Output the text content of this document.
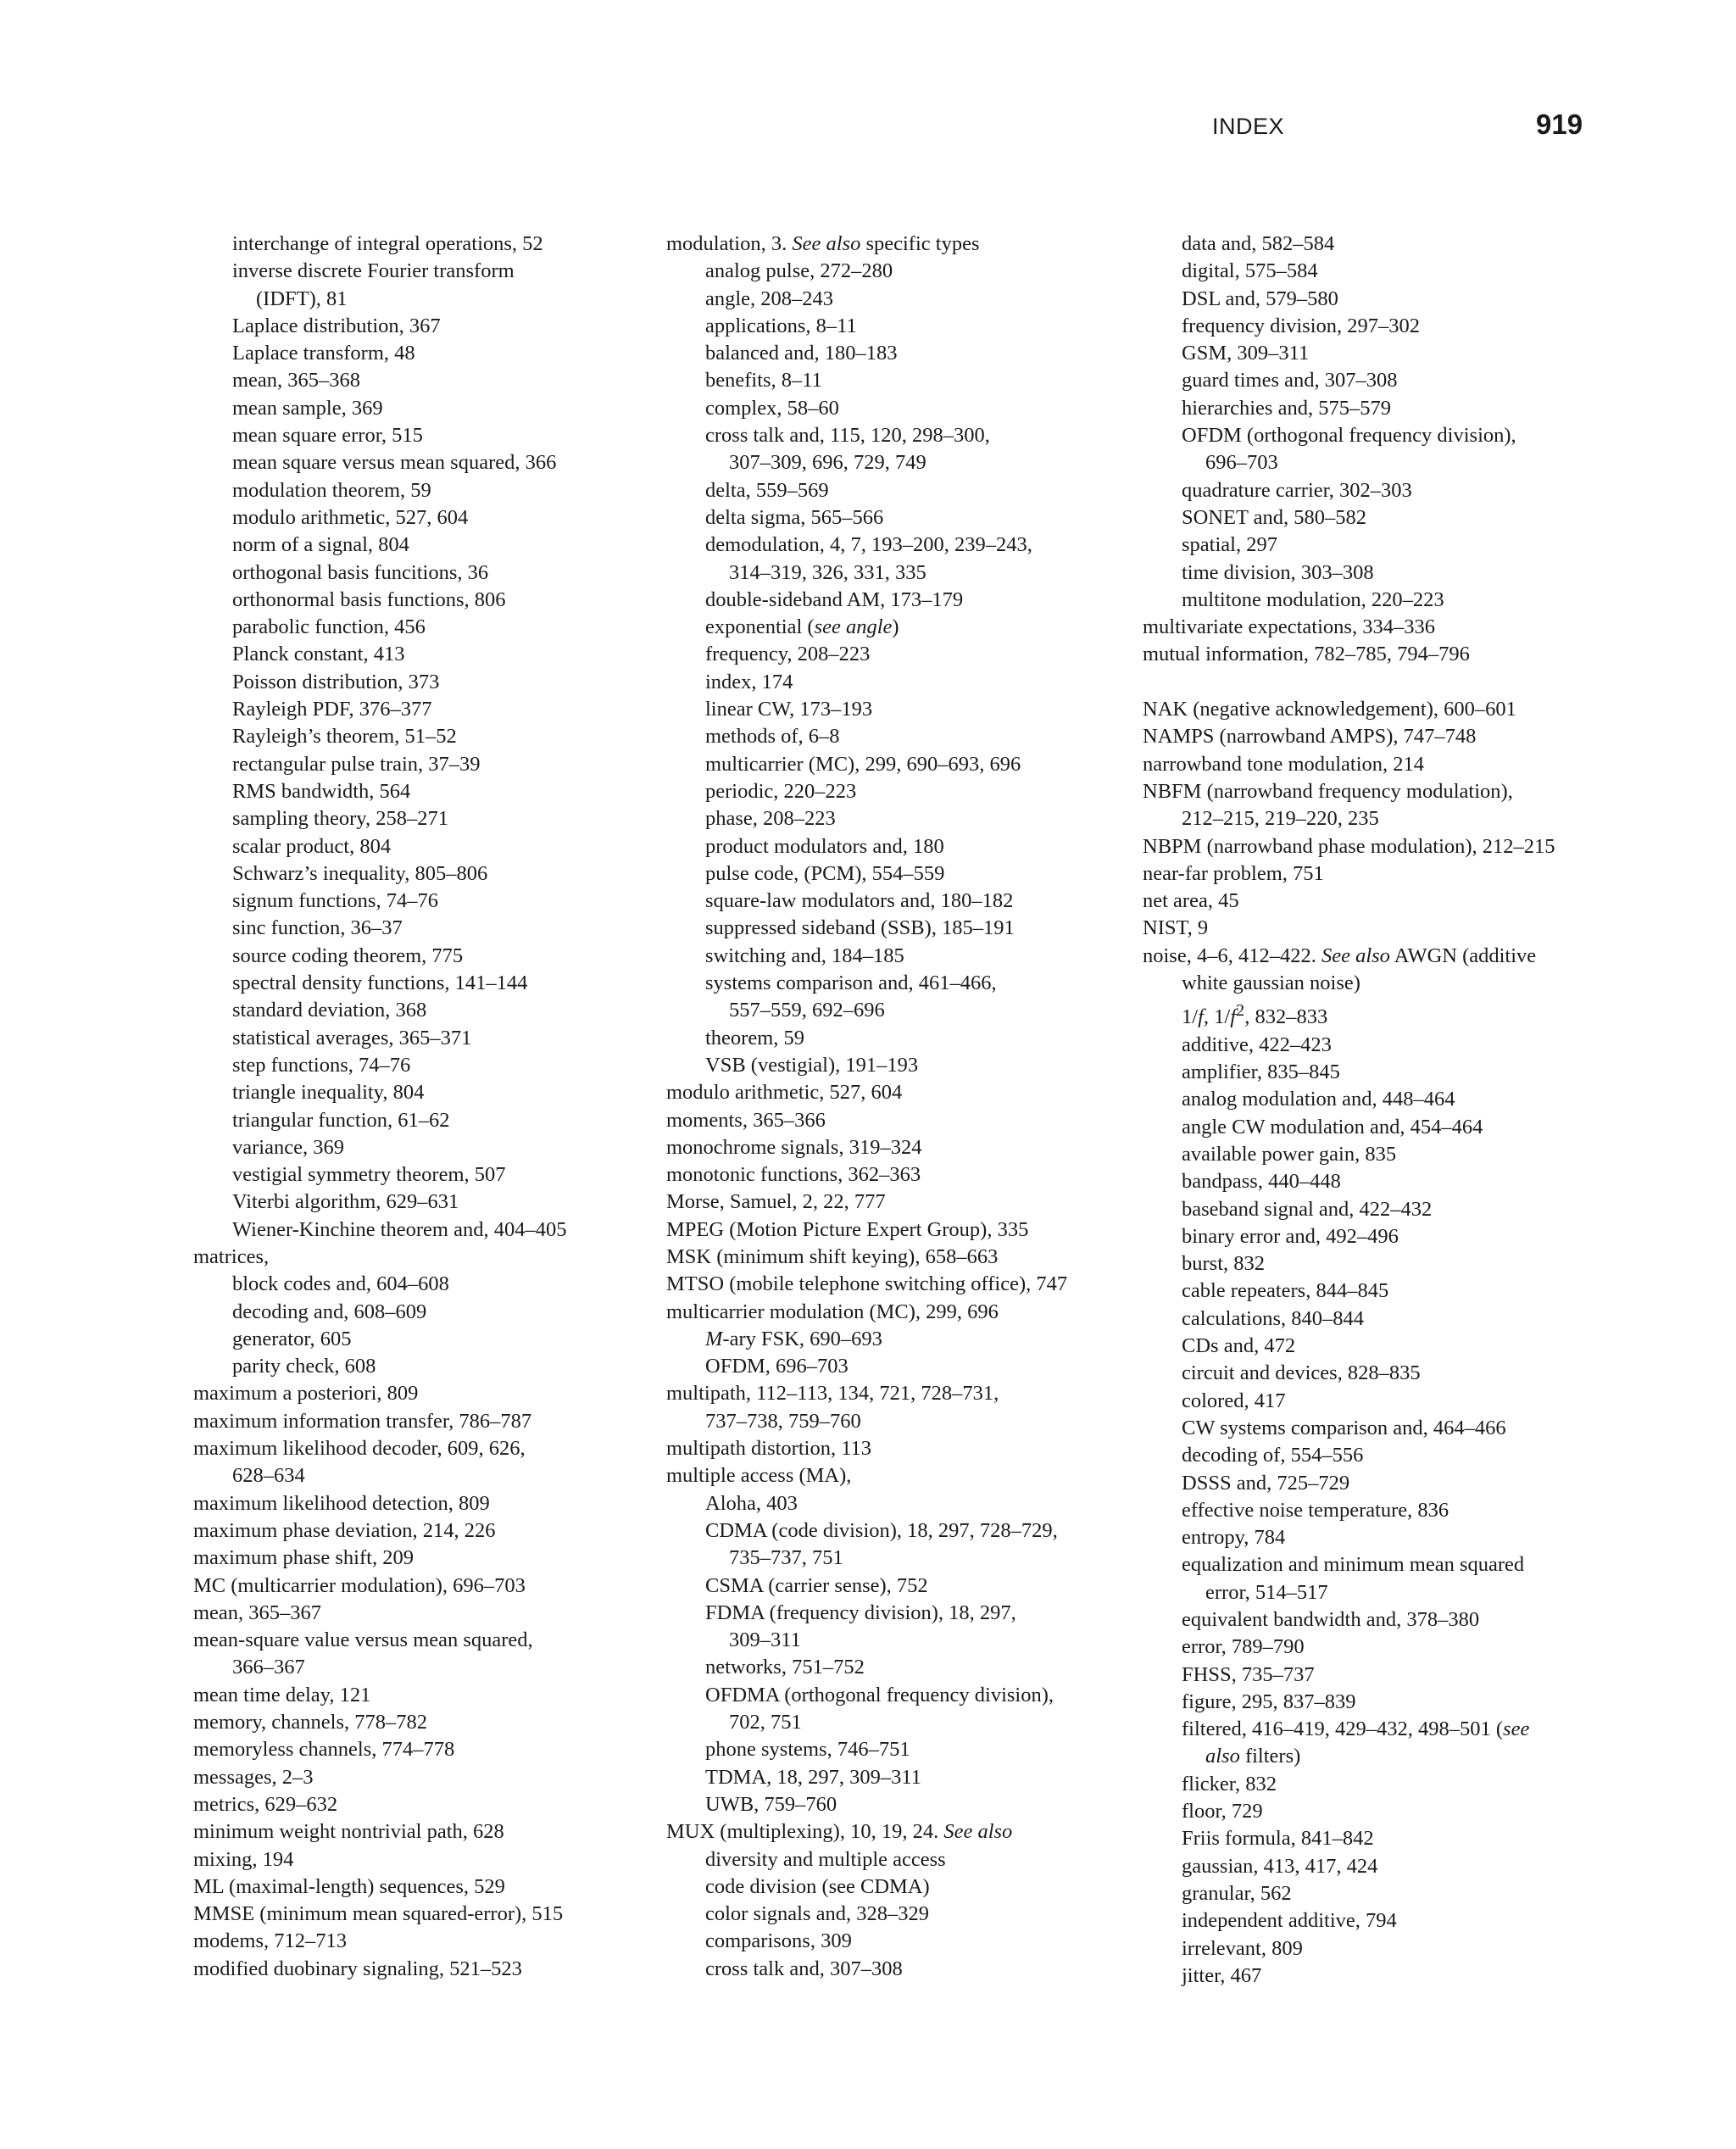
INDEX	919
interchange of integral operations, 52
inverse discrete Fourier transform
(IDFT), 81
Laplace distribution, 367
Laplace transform, 48
mean, 365–368
mean sample, 369
mean square error, 515
mean square versus mean squared, 366
modulation theorem, 59
modulo arithmetic, 527, 604
norm of a signal, 804
orthogonal basis funcitions, 36
orthonormal basis functions, 806
parabolic function, 456
Planck constant, 413
Poisson distribution, 373
Rayleigh PDF, 376–377
Rayleigh’s theorem, 51–52
rectangular pulse train, 37–39
RMS bandwidth, 564
sampling theory, 258–271
scalar product, 804
Schwarz’s inequality, 805–806
signum functions, 74–76
sinc function, 36–37
source coding theorem, 775
spectral density functions, 141–144
standard deviation, 368
statistical averages, 365–371
step functions, 74–76
triangle inequality, 804
triangular function, 61–62
variance, 369
vestigial symmetry theorem, 507
Viterbi algorithm, 629–631
Wiener-Kinchine theorem and, 404–405
matrices,
block codes and, 604–608
decoding and, 608–609
generator, 605
parity check, 608
maximum a posteriori, 809
maximum information transfer, 786–787
maximum likelihood decoder, 609, 626,
628–634
maximum likelihood detection, 809
maximum phase deviation, 214, 226
maximum phase shift, 209
MC (multicarrier modulation), 696–703
mean, 365–367
mean-square value versus mean squared,
366–367
mean time delay, 121
memory, channels, 778–782
memoryless channels, 774–778
messages, 2–3
metrics, 629–632
minimum weight nontrivial path, 628
mixing, 194
ML (maximal-length) sequences, 529
MMSE (minimum mean squared-error), 515
modems, 712–713
modified duobinary signaling, 521–523
modulation, 3. See also specific types
analog pulse, 272–280
angle, 208–243
applications, 8–11
balanced and, 180–183
benefits, 8–11
complex, 58–60
cross talk and, 115, 120, 298–300,
307–309, 696, 729, 749
delta, 559–569
delta sigma, 565–566
demodulation, 4, 7, 193–200, 239–243,
314–319, 326, 331, 335
double-sideband AM, 173–179
exponential (see angle)
frequency, 208–223
index, 174
linear CW, 173–193
methods of, 6–8
multicarrier (MC), 299, 690–693, 696
periodic, 220–223
phase, 208–223
product modulators and, 180
pulse code, (PCM), 554–559
square-law modulators and, 180–182
suppressed sideband (SSB), 185–191
switching and, 184–185
systems comparison and, 461–466,
557–559, 692–696
theorem, 59
VSB (vestigial), 191–193
modulo arithmetic, 527, 604
moments, 365–366
monochrome signals, 319–324
monotonic functions, 362–363
Morse, Samuel, 2, 22, 777
MPEG (Motion Picture Expert Group), 335
MSK (minimum shift keying), 658–663
MTSO (mobile telephone switching office), 747
multicarrier modulation (MC), 299, 696
M-ary FSK, 690–693
OFDM, 696–703
multipath, 112–113, 134, 721, 728–731,
737–738, 759–760
multipath distortion, 113
multiple access (MA),
Aloha, 403
CDMA (code division), 18, 297, 728–729,
735–737, 751
CSMA (carrier sense), 752
FDMA (frequency division), 18, 297,
309–311
networks, 751–752
OFDMA (orthogonal frequency division),
702, 751
phone systems, 746–751
TDMA, 18, 297, 309–311
UWB, 759–760
MUX (multiplexing), 10, 19, 24. See also
diversity and multiple access
code division (see CDMA)
color signals and, 328–329
comparisons, 309
cross talk and, 307–308
data and, 582–584
digital, 575–584
DSL and, 579–580
frequency division, 297–302
GSM, 309–311
guard times and, 307–308
hierarchies and, 575–579
OFDM (orthogonal frequency division),
696–703
quadrature carrier, 302–303
SONET and, 580–582
spatial, 297
time division, 303–308
multitone modulation, 220–223
multivariate expectations, 334–336
mutual information, 782–785, 794–796
NAK (negative acknowledgement), 600–601
NAMPS (narrowband AMPS), 747–748
narrowband tone modulation, 214
NBFM (narrowband frequency modulation),
212–215, 219–220, 235
NBPM (narrowband phase modulation), 212–215
near-far problem, 751
net area, 45
NIST, 9
noise, 4–6, 412–422. See also AWGN (additive
white gaussian noise)
1/f, $1/f^2$, 832–833
additive, 422–423
amplifier, 835–845
analog modulation and, 448–464
angle CW modulation and, 454–464
available power gain, 835
bandpass, 440–448
baseband signal and, 422–432
binary error and, 492–496
burst, 832
cable repeaters, 844–845
calculations, 840–844
CDs and, 472
circuit and devices, 828–835
colored, 417
CW systems comparison and, 464–466
decoding of, 554–556
DSSS and, 725–729
effective noise temperature, 836
entropy, 784
equalization and minimum mean squared
error, 514–517
equivalent bandwidth and, 378–380
error, 789–790
FHSS, 735–737
figure, 295, 837–839
filtered, 416–419, 429–432, 498–501 (see
also filters)
flicker, 832
floor, 729
Friis formula, 841–842
gaussian, 413, 417, 424
granular, 562
independent additive, 794
irrelevant, 809
jitter, 467
